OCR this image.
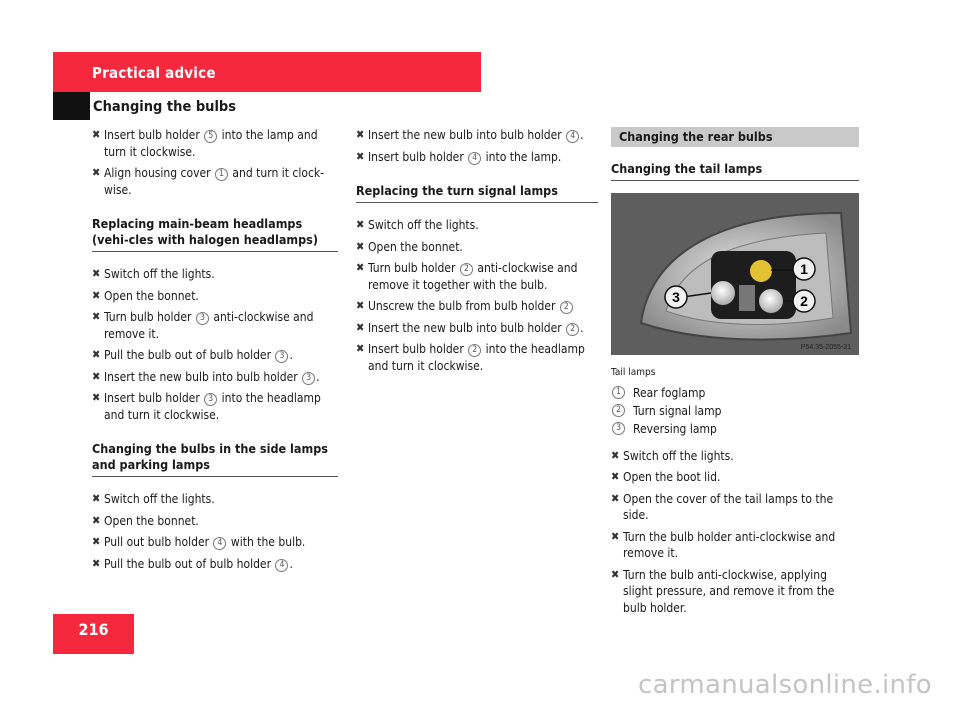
Practical advice
Changing the bulbs
✖ Insert bulb holder 5 into the lamp and turn it clockwise.
✖ Align housing cover 1 and turn it clock-wise.
Replacing main-beam headlamps (vehi-cles with halogen headlamps)
✖ Switch off the lights.
✖ Open the bonnet.
✖ Turn bulb holder 3 anti-clockwise and remove it.
✖ Pull the bulb out of bulb holder 3 .
✖ Insert the new bulb into bulb holder 3 .
✖ Insert bulb holder 3 into the headlamp and turn it clockwise.
Changing the bulbs in the side lamps and parking lamps
✖ Switch off the lights.
✖ Open the bonnet.
✖ Pull out bulb holder 4 with the bulb.
✖ Pull the bulb out of bulb holder 4 .
✖ Insert the new bulb into bulb holder 4 .
✖ Insert bulb holder 4 into the lamp.
Replacing the turn signal lamps
✖ Switch off the lights.
✖ Open the bonnet.
✖ Turn bulb holder 2 anti-clockwise and remove it together with the bulb.
✖ Unscrew the bulb from bulb holder 2
✖ Insert the new bulb into bulb holder 2 .
✖ Insert bulb holder 2 into the headlamp and turn it clockwise.
Changing the rear bulbs
Changing the tail lamps
1
2
3
P54.35-2055-31
Tail lamps
1	Rear foglamp
2	Turn signal lamp
3	Reversing lamp
✖ Switch off the lights.
✖ Open the boot lid.
✖ Open the cover of the tail lamps to the side.
✖ Turn the bulb holder anti-clockwise and remove it.
✖ Turn the bulb anti-clockwise, applying slight pressure, and remove it from the bulb holder.
216
carmanualsonline.info
